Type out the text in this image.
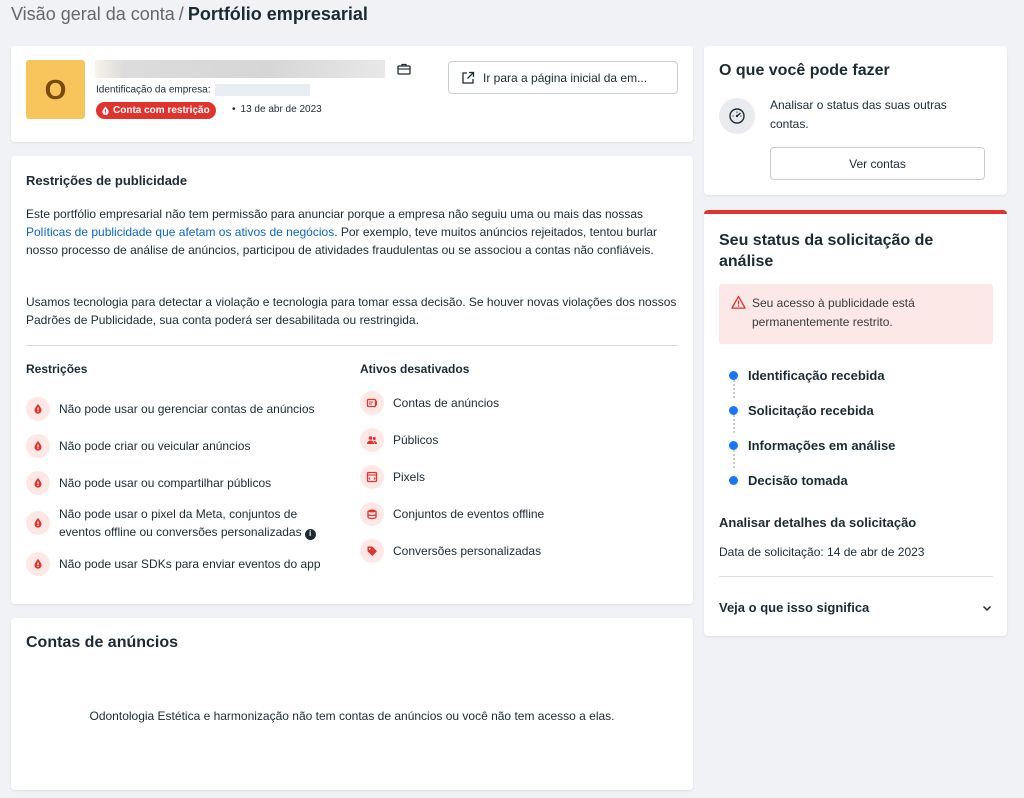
Visão geral da conta / Portfólio empresarial
O	Identificação da empresa:
Conta com restrição • 13 de abr de 2023
Ir para a página inicial da em...
Restrições de publicidade
Este portfólio empresarial não tem permissão para anunciar porque a empresa não seguiu uma ou mais das nossas Políticas de publicidade que afetam os ativos de negócios. Por exemplo, teve muitos anúncios rejeitados, tentou burlar nosso processo de análise de anúncios, participou de atividades fraudulentas ou se associou a contas não confiáveis.
Usamos tecnologia para detectar a violação e tecnologia para tomar essa decisão. Se houver novas violações dos nossos Padrões de Publicidade, sua conta poderá ser desabilitada ou restringida.
Restrições	Ativos desativados
Não pode usar ou gerenciar contas de anúncios
Não pode criar ou veicular anúncios
Não pode usar ou compartilhar públicos
Não pode usar o pixel da Meta, conjuntos de eventos offline ou conversões personalizadas i
Não pode usar SDKs para enviar eventos do app
Contas de anúncios
Públicos
Pixels
Conjuntos de eventos offline
Conversões personalizadas
Contas de anúncios
Odontologia Estética e harmonização não tem contas de anúncios ou você não tem acesso a elas.
O que você pode fazer
Analisar o status das suas outras contas.
Ver contas
Seu status da solicitação de análise
Seu acesso à publicidade está permanentemente restrito.
Identificação recebida
Solicitação recebida
Informações em análise
Decisão tomada
Analisar detalhes da solicitação
Data de solicitação: 14 de abr de 2023
Veja o que isso significa
